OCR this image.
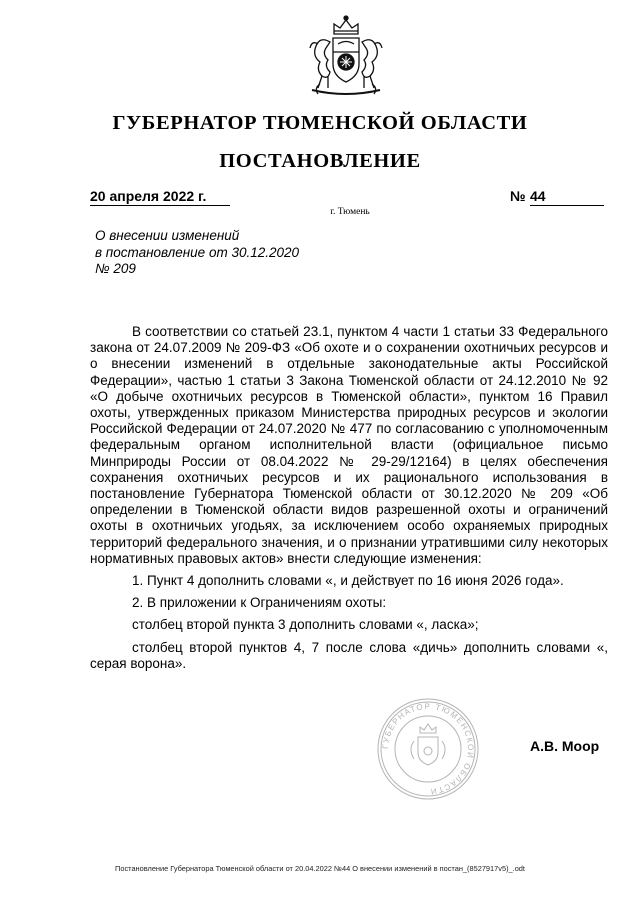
ГУБЕРНАТОР ТЮМЕНСКОЙ ОБЛАСТИ
ПОСТАНОВЛЕНИЕ
20 апреля 2022 г.	№ 44
г. Тюмень
О внесении изменений
в постановление от 30.12.2020
№ 209

В соответствии со статьей 23.1, пунктом 4 части 1 статьи 33 Федерального закона от 24.07.2009 № 209-ФЗ «Об охоте и о сохранении охотничьих ресурсов и о внесении изменений в отдельные законодательные акты Российской Федерации», частью 1 статьи 3 Закона Тюменской области от 24.12.2010 № 92 «О добыче охотничьих ресурсов в Тюменской области», пунктом 16 Правил охоты, утвержденных приказом Министерства природных ресурсов и экологии Российской Федерации от 24.07.2020 № 477 по согласованию с уполномоченным федеральным органом исполнительной власти (официальное письмо Минприроды России от 08.04.2022 № 29-29/12164) в целях обеспечения сохранения охотничьих ресурсов и их рационального использования в постановление Губернатора Тюменской области от 30.12.2020 № 209 «Об определении в Тюменской области видов разрешенной охоты и ограничений охоты в охотничьих угодьях, за исключением особо охраняемых природных территорий федерального значения, и о признании утратившими силу некоторых нормативных правовых актов» внести следующие изменения:

1. Пункт 4 дополнить словами «, и действует по 16 июня 2026 года».

2. В приложении к Ограничениям охоты:

столбец второй пункта 3 дополнить словами «, ласка»;

столбец второй пунктов 4, 7 после слова «дичь» дополнить словами «, серая ворона».

ГУБЕРНАТОР ТЮМЕНСКОЙ ОБЛАСТИ
А.В. Моор
Постановление Губернатора Тюменской области от 20.04.2022 №44 О внесении изменений в постан_(8527917v5)_.odt
